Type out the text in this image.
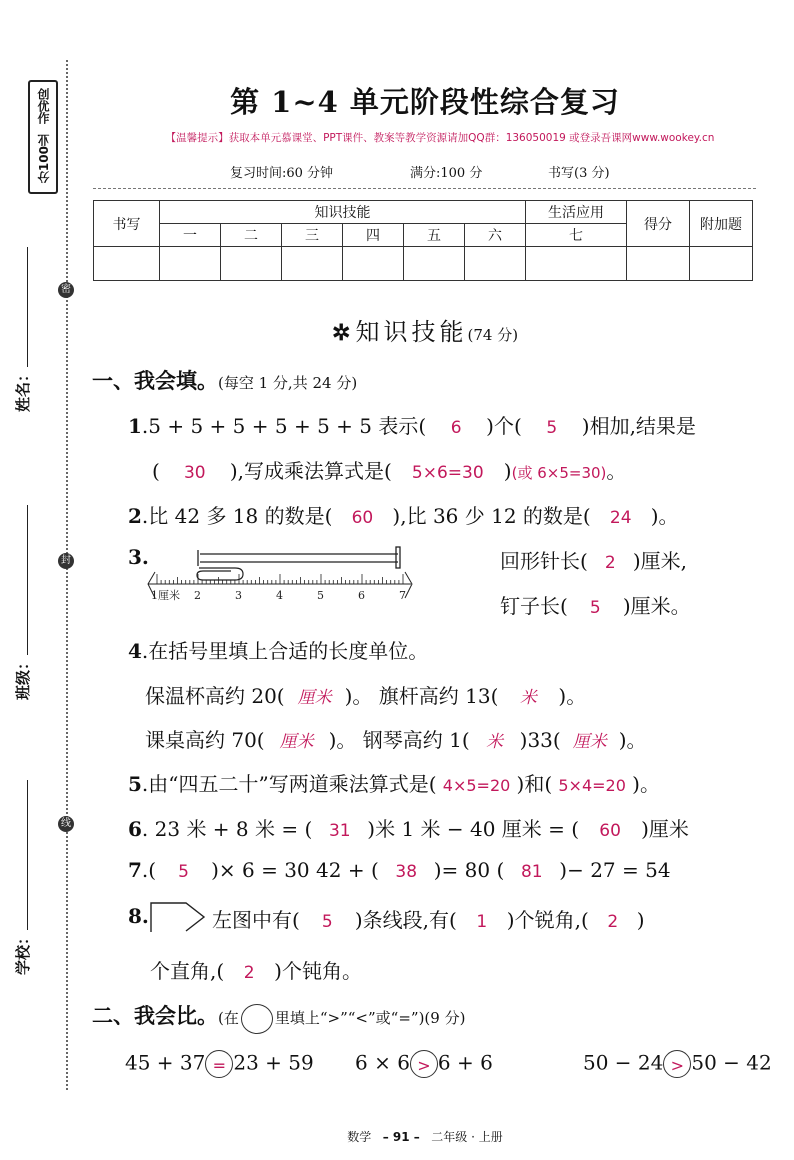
创优作
分100业
密
封
线
姓名：
班级：
学校：
第 1~4 单元阶段性综合复习
【温馨提示】获取本单元慕课堂、PPT课件、教案等教学资源请加QQ群：136050019 或登录吾课网www.wookey.cn
复习时间:60 分钟	满分:100 分	书写(3 分)
书写	知识技能						生活应用	得分	附加题
	一	二	三	四	五	六	七		

✲ 知识技能(74 分)
一、我会填。(每空 1 分,共 24 分)
1.5 + 5 + 5 + 5 + 5 + 5 表示( 6 )个( 5 )相加,结果是
( 30 ),写成乘法算式是( 5×6=30 )(或 6×5=30)。
2.比 42 多 18 的数是( 60 ),比 36 少 12 的数是( 24 )。
3.
1厘米 2	3	4	5	6	7
回形针长( 2 )厘米,
钉子长( 5 )厘米。
4.在括号里填上合适的长度单位。
保温杯高约 20( 厘米 )。 旗杆高约 13( 米 )。
课桌高约 70( 厘米 )。 钢琴高约 1( 米 )33( 厘米 )。
5.由“四五二十”写两道乘法算式是( 4×5=20 )和( 5×4=20 )。
6. 23 米 + 8 米 = ( 31 )米 1 米 − 40 厘米 = ( 60 )厘米
7.( 5 )× 6 = 30 42 + ( 38 )= 80 ( 81 )− 27 = 54
8.	左图中有( 5 )条线段,有( 1 )个锐角,( 2 )
个直角,( 2 )个钝角。
二、我会比。(在 里填上“>”“<”或“=”)(9 分)
45 + 37 = 23 + 59 6 × 6 > 6 + 6	50 − 24 > 50 − 42
数学 – 91 – 二年级 · 上册
